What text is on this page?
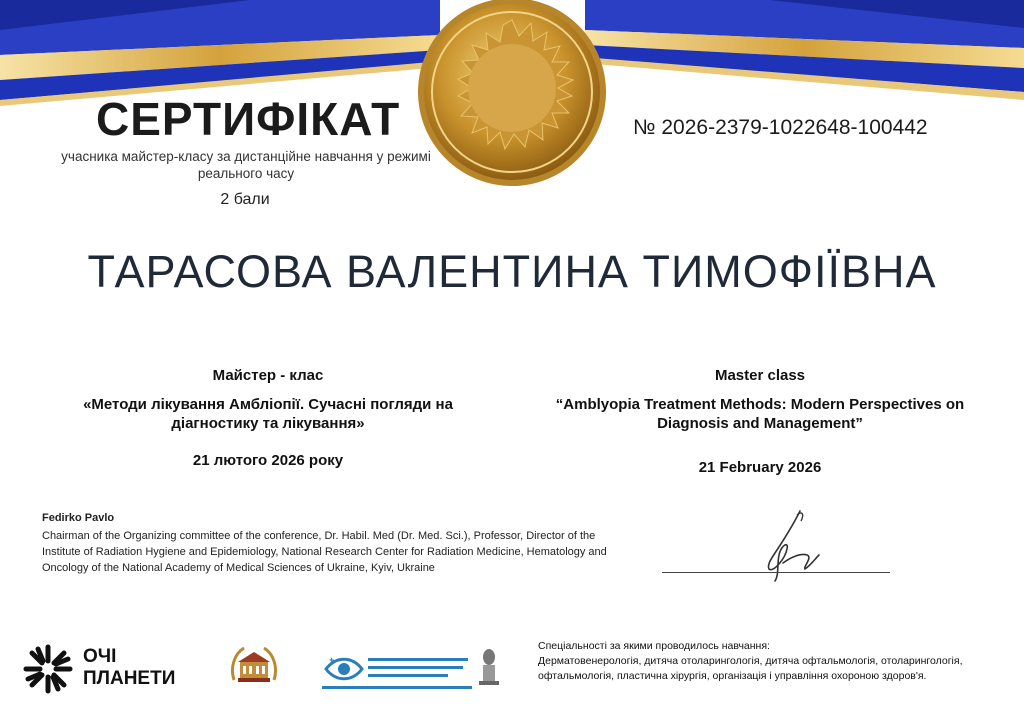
СЕРТИФІКАТ
учасника майстер-класу за дистанційне навчання у режимі реального часу
2 бали
№ 2026-2379-1022648-100442
ТАРАСОВА ВАЛЕНТИНА ТИМОФІЇВНА
Майстер - клас
«Методи лікування Амбліопії. Сучасні погляди на діагностику та лікування»
21 лютого 2026 року
Master class
“Amblyopia Treatment Methods: Modern Perspectives on Diagnosis and Management”
21 February 2026
Fedirko Pavlo
Chairman of the Organizing committee of the conference, Dr. Habil. Med (Dr. Med. Sci.), Professor, Director of the Institute of Radiation Hygiene and Epidemiology, National Research Center for Radiation Medicine, Hematology and Oncology of the National Academy of Medical Sciences of Ukraine, Kyiv, Ukraine
ОЧІ
ПЛАНЕТИ
+
Спеціальності за якими проводилось навчання:
Дерматовенерологія, дитяча отоларингологія, дитяча офтальмологія, отоларингологія, офтальмологія, пластична хірургія, організація і управління охороною здоров'я.
